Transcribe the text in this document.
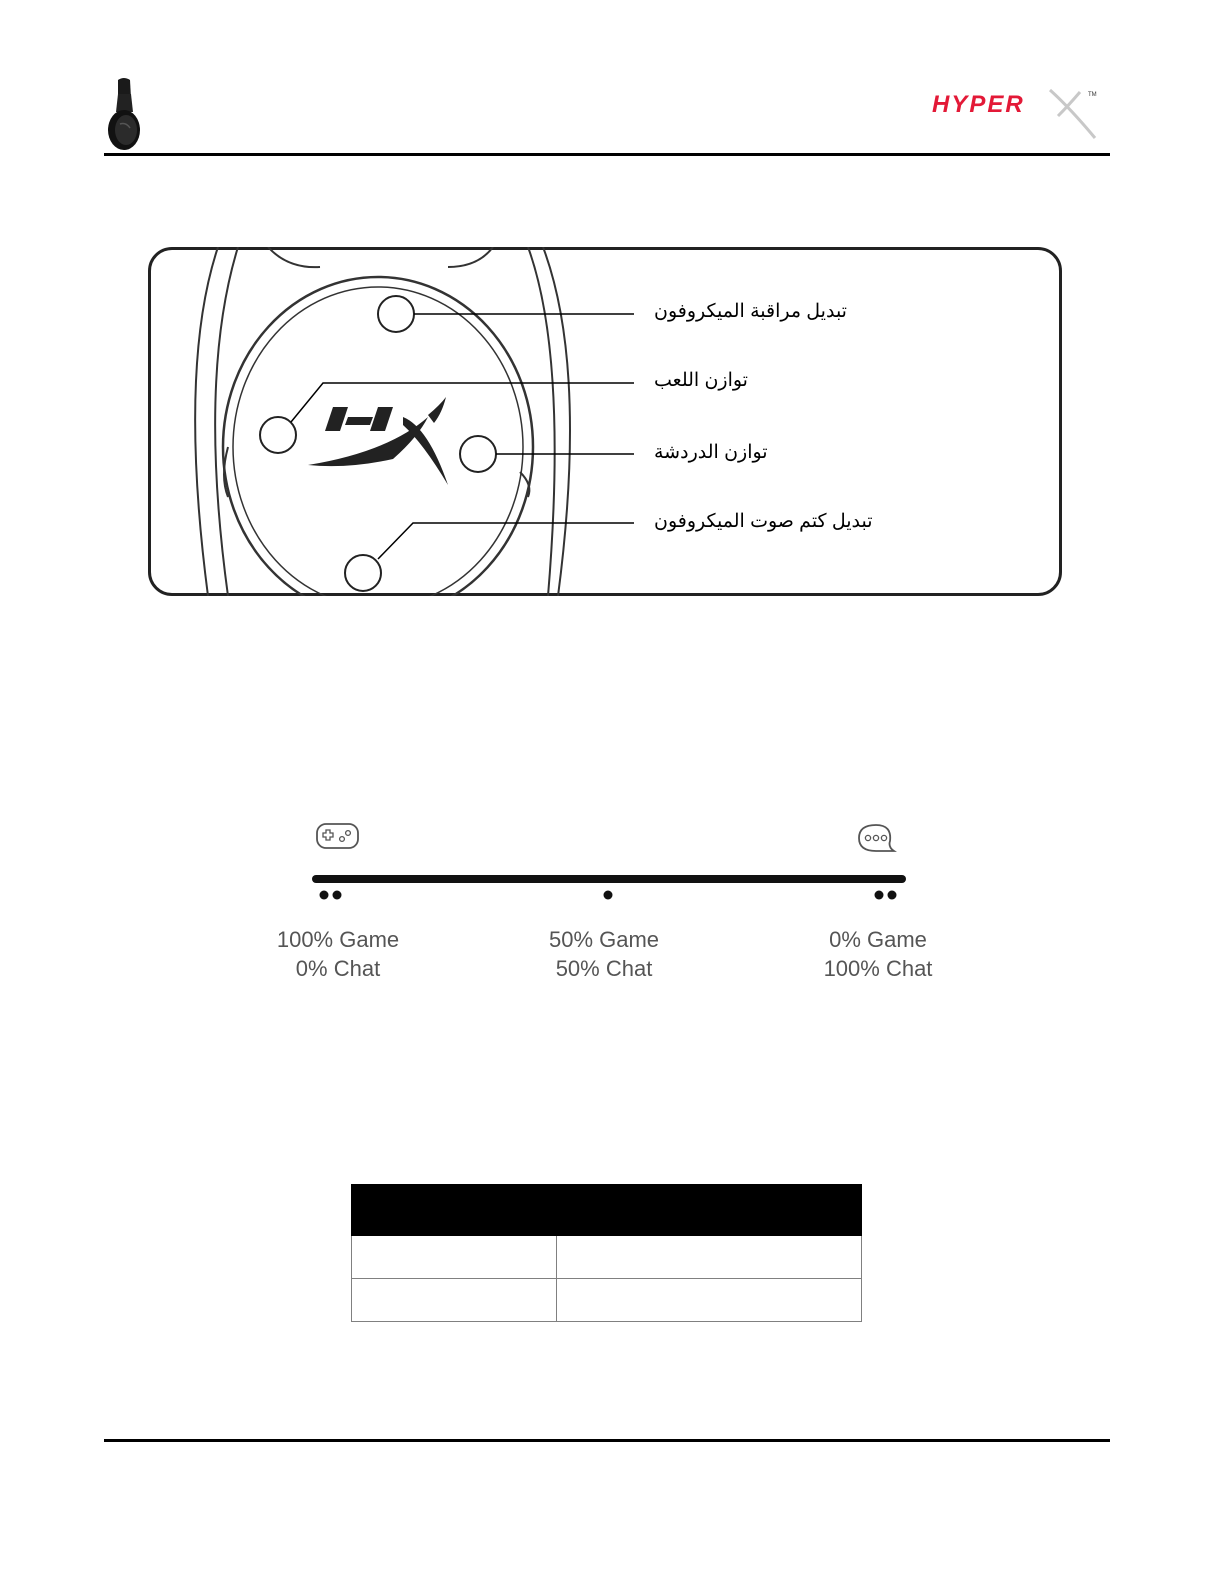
HYPER	TM
تبديل مراقبة الميكروفون
توازن اللعب
توازن الدردشة
تبديل كتم صوت الميكروفون
100% Game
0% Chat
50% Game
50% Chat
0% Game
100% Chat
